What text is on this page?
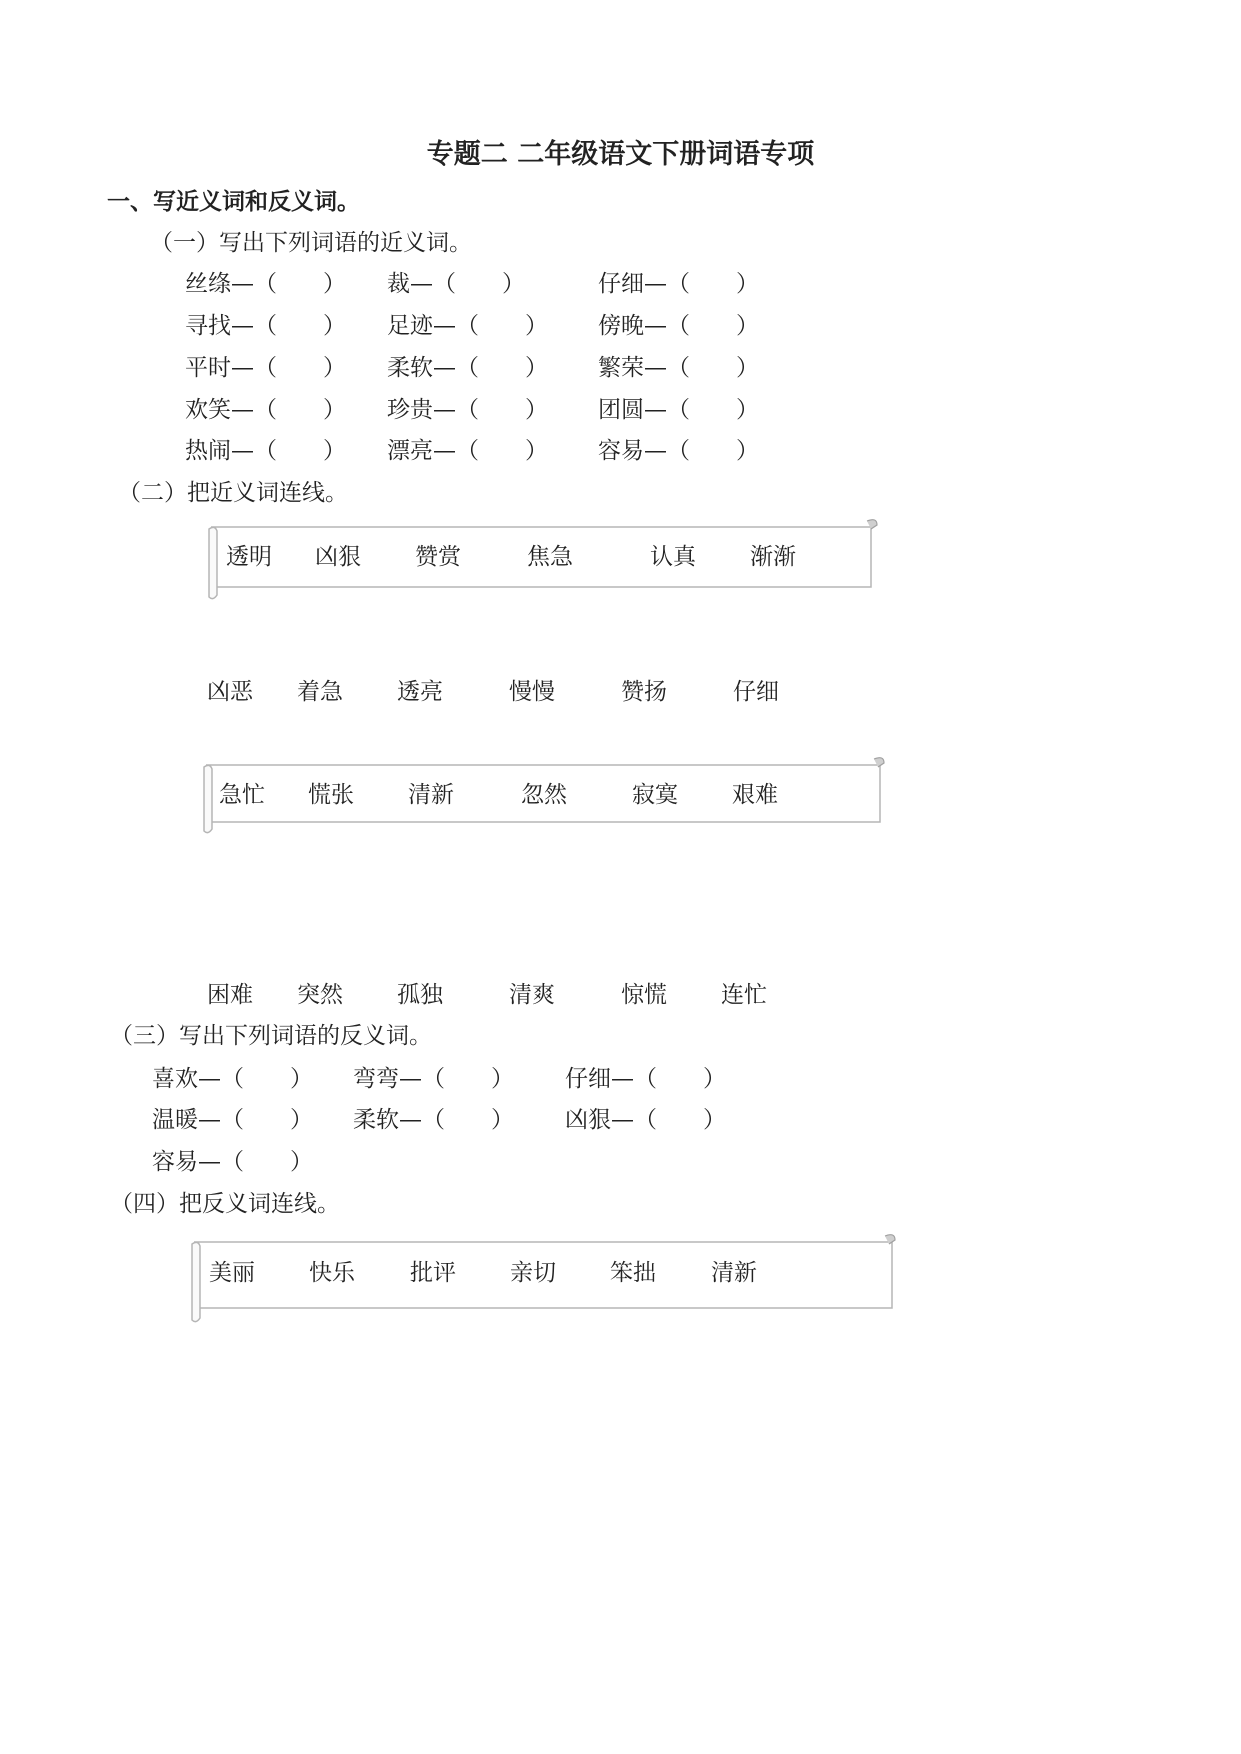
专题二 二年级语文下册词语专项
一、写近义词和反义词。
（一）写出下列词语的近义词。
丝绦—（　　） 裁—（　　）	仔细—（　　）
寻找—（　　） 足迹—（　　） 傍晚—（　　）
平时—（　　） 柔软—（　　） 繁荣—（　　）
欢笑—（　　） 珍贵—（　　） 团圆—（　　）
热闹—（　　） 漂亮—（　　） 容易—（　　）
（二）把近义词连线。
透明 凶狠 赞赏	焦急	认真 渐渐
凶恶 着急 透亮	慢慢	赞扬	仔细
急忙 慌张 清新	忽然	寂寞 艰难
困难 突然 孤独	清爽	惊慌 连忙
（三）写出下列词语的反义词。
喜欢—（　　） 弯弯—（　　） 仔细—（　　）
温暖—（　　） 柔软—（　　） 凶狠—（　　）
容易—（　　）
（四）把反义词连线。
美丽 快乐 批评 亲切 笨拙 清新
